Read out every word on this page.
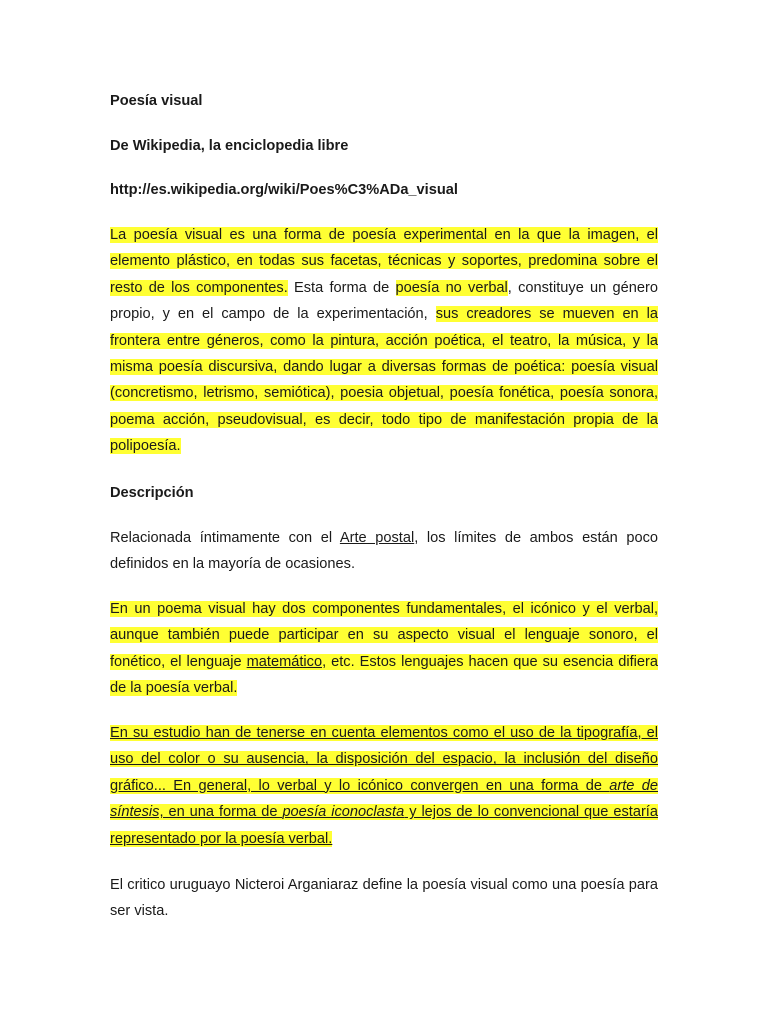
Poesía visual

De Wikipedia, la enciclopedia libre

http://es.wikipedia.org/wiki/Poes%C3%ADa_visual

La poesía visual es una forma de poesía experimental en la que la imagen, el elemento plástico, en todas sus facetas, técnicas y soportes, predomina sobre el resto de los componentes. Esta forma de poesía no verbal, constituye un género propio, y en el campo de la experimentación, sus creadores se mueven en la frontera entre géneros, como la pintura, acción poética, el teatro, la música, y la misma poesía discursiva, dando lugar a diversas formas de poética: poesía visual (concretismo, letrismo, semiótica), poesia objetual, poesía fonética, poesía sonora, poema acción, pseudovisual, es decir, todo tipo de manifestación propia de la polipoesía.

Descripción

Relacionada íntimamente con el Arte postal, los límites de ambos están poco definidos en la mayoría de ocasiones.

En un poema visual hay dos componentes fundamentales, el icónico y el verbal, aunque también puede participar en su aspecto visual el lenguaje sonoro, el fonético, el lenguaje matemático, etc. Estos lenguajes hacen que su esencia difiera de la poesía verbal.

En su estudio han de tenerse en cuenta elementos como el uso de la tipografía, el uso del color o su ausencia, la disposición del espacio, la inclusión del diseño gráfico... En general, lo verbal y lo icónico convergen en una forma de arte de síntesis, en una forma de poesía iconoclasta y lejos de lo convencional que estaría representado por la poesía verbal.

El critico uruguayo Nicteroi Arganiaraz define la poesía visual como una poesía para ser vista.
